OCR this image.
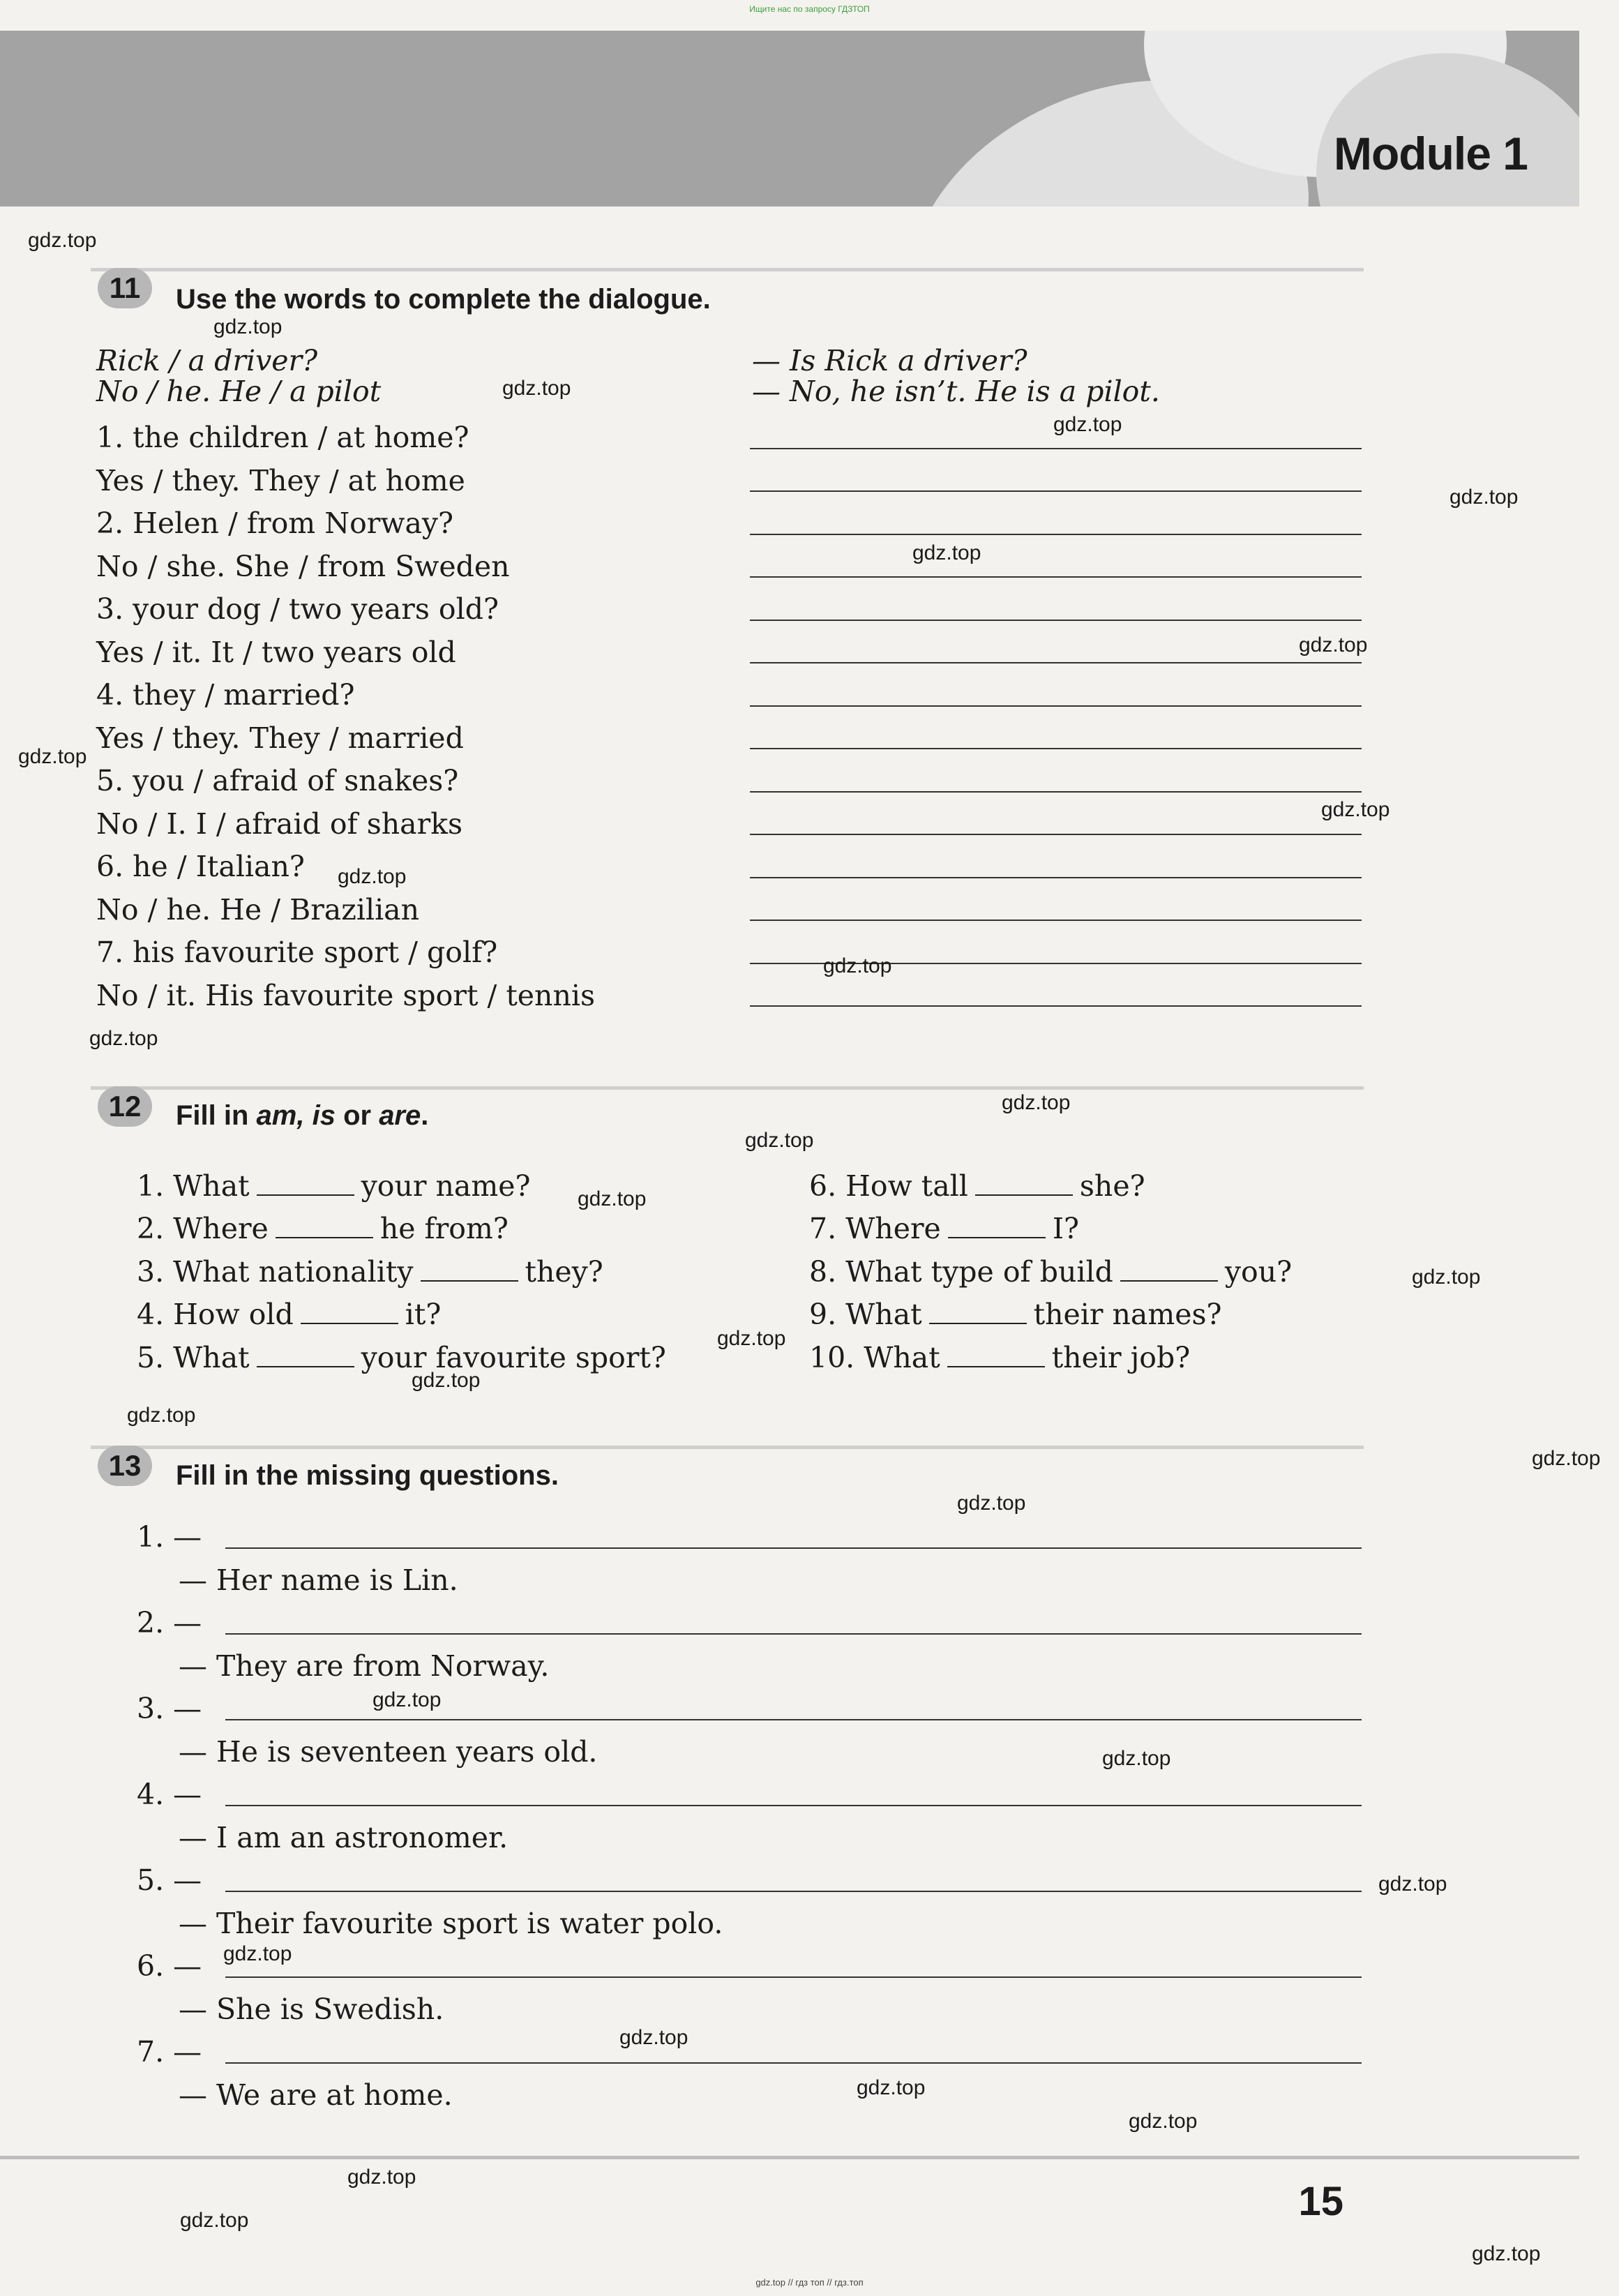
Ищите нас по запросу ГДЗТОП
Module 1
11	Use the words to complete the dialogue.
Rick / a driver?
No / he. He / a pilot
— Is Rick a driver?
— No, he isn’t. He is a pilot.
1. the children / at home?
Yes / they. They / at home
2. Helen / from Norway?
No / she. She / from Sweden
3. your dog / two years old?
Yes / it. It / two years old
4. they / married?
Yes / they. They / married
5. you / afraid of snakes?
No / I. I / afraid of sharks
6. he / Italian?
No / he. He / Brazilian
7. his favourite sport / golf?
No / it. His favourite sport / tennis
12	Fill in am, is or are.
1. What	your name?
2. Where	he from?
3. What nationality	they?
4. How old	it?
5. What	your favourite sport?
6. How tall	she?
7. Where	I?
8. What type of build	you?
9. What	their names?
10. What	their job?
13	Fill in the missing questions.
1. —
— Her name is Lin.
2. —
— They are from Norway.
3. —
— He is seventeen years old.
4. —
— I am an astronomer.
5. —
— Their favourite sport is water polo.
6. —
— She is Swedish.
7. —
— We are at home.
15
gdz.top
gdz.top
gdz.top
gdz.top
gdz.top
gdz.top
gdz.top
gdz.top
gdz.top
gdz.top
gdz.top
gdz.top
gdz.top
gdz.top
gdz.top
gdz.top
gdz.top
gdz.top
gdz.top
gdz.top
gdz.top
gdz.top
gdz.top
gdz.top
gdz.top
gdz.top
gdz.top
gdz.top
gdz.top
gdz.top
gdz.top
gdz.top // гдз топ // гдз.топ
